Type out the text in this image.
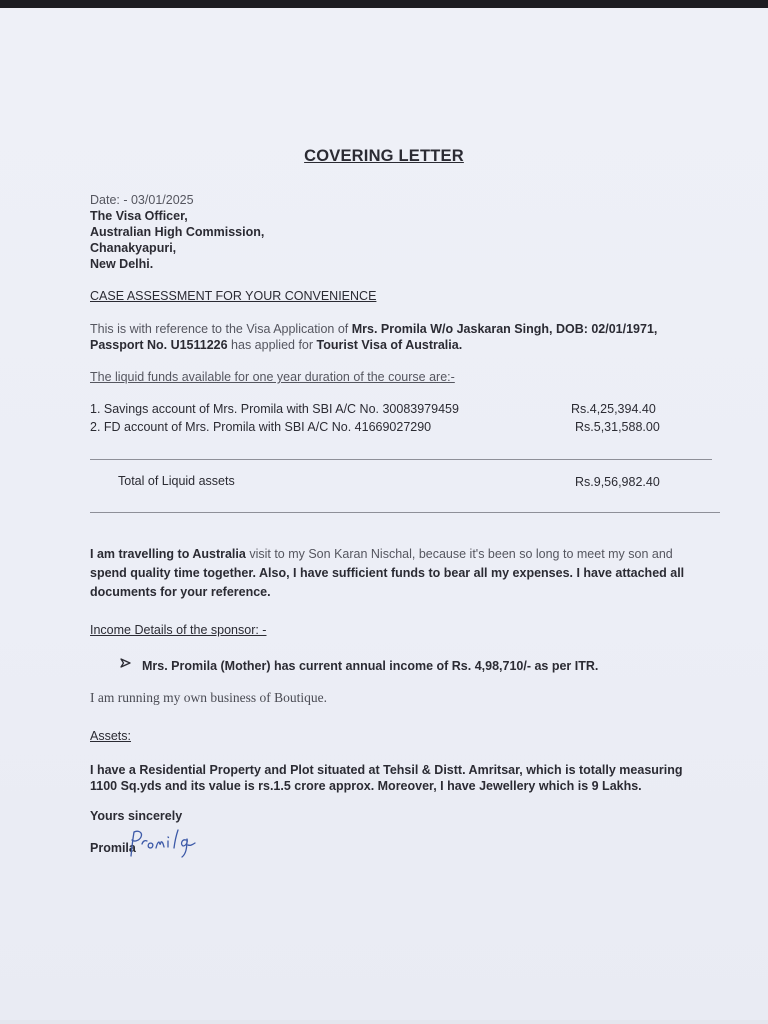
COVERING LETTER
Date: - 03/01/2025
The Visa Officer,
Australian High Commission,
Chanakyapuri,
New Delhi.
CASE ASSESSMENT FOR YOUR CONVENIENCE
This is with reference to the Visa Application of Mrs. Promila W/o Jaskaran Singh, DOB: 02/01/1971,
Passport No. U1511226 has applied for Tourist Visa of Australia.
The liquid funds available for one year duration of the course are:-
1. Savings account of Mrs. Promila with SBI A/C No. 30083979459	Rs.4,25,394.40
2. FD account of Mrs. Promila with SBI A/C No. 41669027290	Rs.5,31,588.00
Total of Liquid assets	Rs.9,56,982.40
I am travelling to Australia visit to my Son Karan Nischal, because it's been so long to meet my son and
spend quality time together. Also, I have sufficient funds to bear all my expenses. I have attached all
documents for your reference.
Income Details of the sponsor: -
Mrs. Promila (Mother) has current annual income of Rs. 4,98,710/- as per ITR.
I am running my own business of Boutique.
Assets:
I have a Residential Property and Plot situated at Tehsil & Distt. Amritsar, which is totally measuring
1100 Sq.yds and its value is rs.1.5 crore approx. Moreover, I have Jewellery which is 9 Lakhs.
Yours sincerely
Promila
